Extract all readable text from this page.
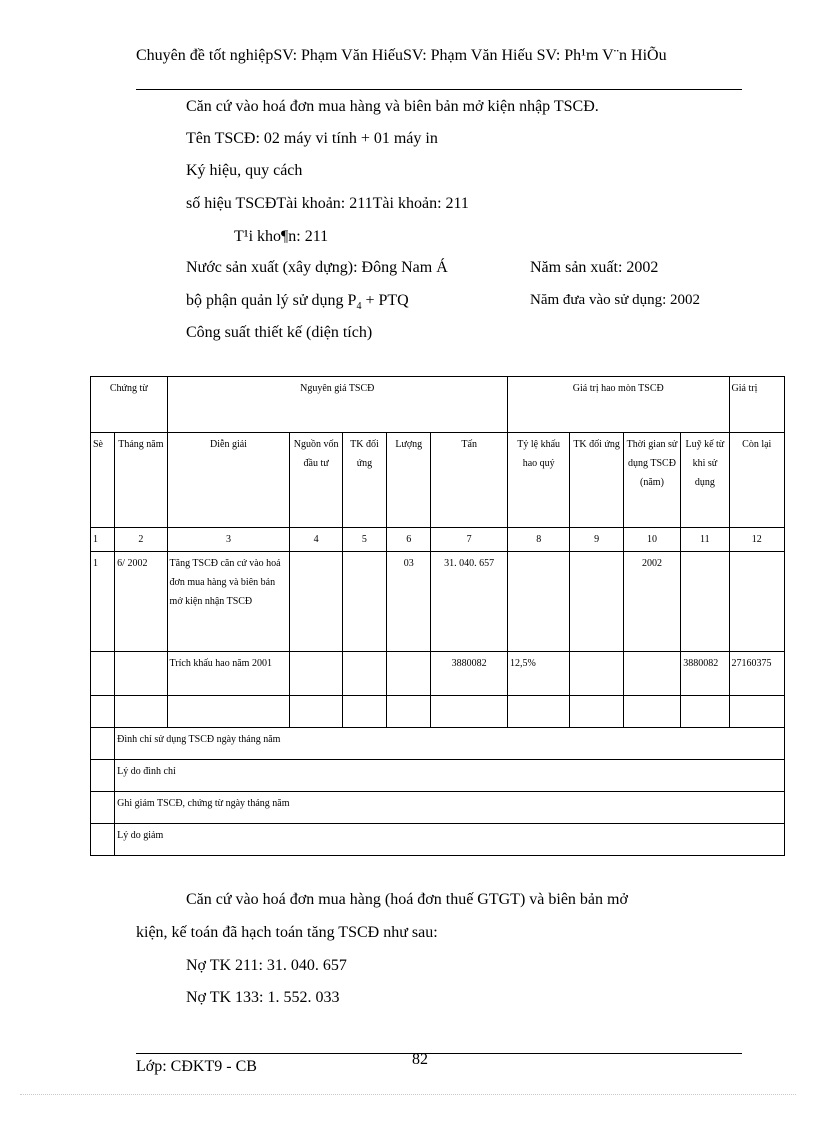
Chuyên đề tốt nghiệpSV: Phạm Văn HiếuSV: Phạm Văn Hiếu SV: Ph¹m V¨n HiÕu
Căn cứ vào hoá đơn mua hàng và biên bản mở kiện nhập TSCĐ.
Tên TSCĐ: 02 máy vi tính + 01 máy in
Ký hiệu, quy cách
số hiệu TSCĐTài khoản: 211Tài khoản: 211
T¹i kho¶n: 211
Nước sản xuất (xây dựng): Đông Nam Á	Năm sản xuất: 2002
bộ phận quản lý sử dụng $P_4$ + PTQ	Năm đưa vào sử dụng: 2002
Công suất thiết kế (diện tích)
Chứng từ		Nguyên giá TSCĐ					Giá trị hao mòn TSCĐ				Giá trị
Sè	Tháng năm	Diễn giải	Nguồn vốn đầu tư	TK đối ứng	Lượng	Tấn	Tỷ lệ khấu hao quý	TK đối ứng	Thời gian sử dụng TSCĐ (năm)	Luỹ kế từ khi sử dụng	Còn lại
1	2	3	4	5	6	7	8	9	10	11	12
1	6/ 2002	Tăng TSCĐ căn cứ vào hoá đơn mua hàng và biên bản mở kiện nhận TSCĐ			03	31. 040. 657			2002		
		Trích khấu hao năm 2001				3880082	12,5%			3880082	27160375

	Đình chỉ sử dụng TSCĐ ngày tháng năm										
	Lý do đình chỉ										
	Ghi giảm TSCĐ, chứng từ ngày tháng năm										
	Lý do giảm										
Căn cứ vào hoá đơn mua hàng (hoá đơn thuế GTGT) và biên bản mở
kiện, kế toán đã hạch toán tăng TSCĐ như sau:
Nợ TK 211: 31. 040. 657
Nợ TK 133: 1. 552. 033
82
Lớp: CĐKT9 - CB
